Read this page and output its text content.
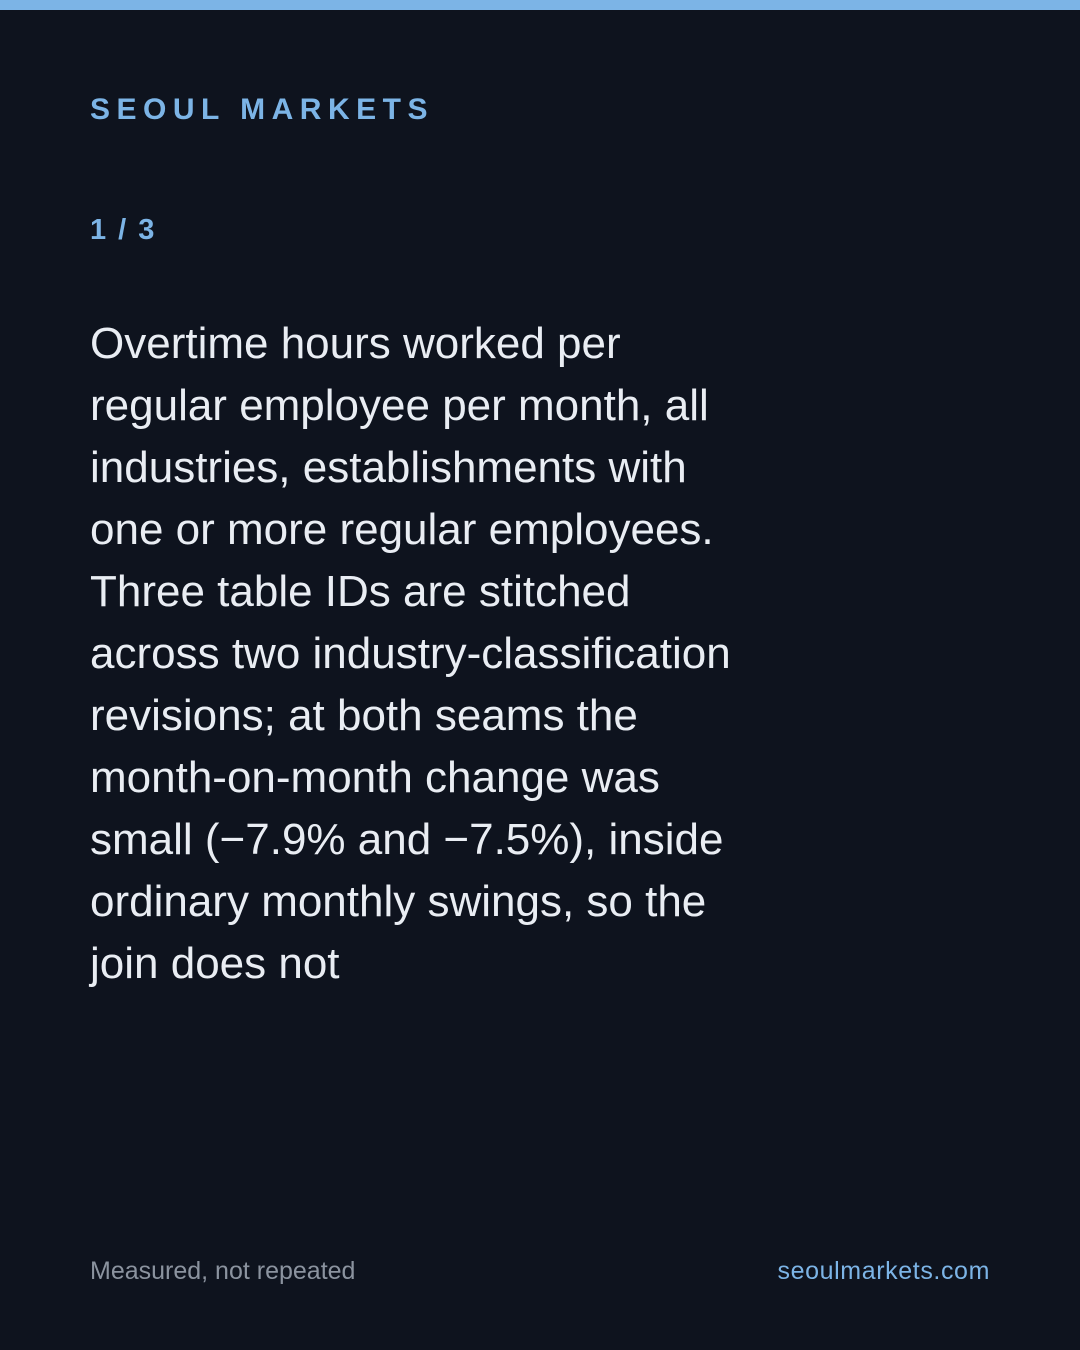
SEOUL MARKETS
1 / 3

Overtime hours worked per regular employee per month, all industries, establishments with one or more regular employees. Three table IDs are stitched across two industry-classification revisions; at both seams the month-on-month change was small (−7.9% and −7.5%), inside ordinary monthly swings, so the join does not

Measured, not repeated	seoulmarkets.com
